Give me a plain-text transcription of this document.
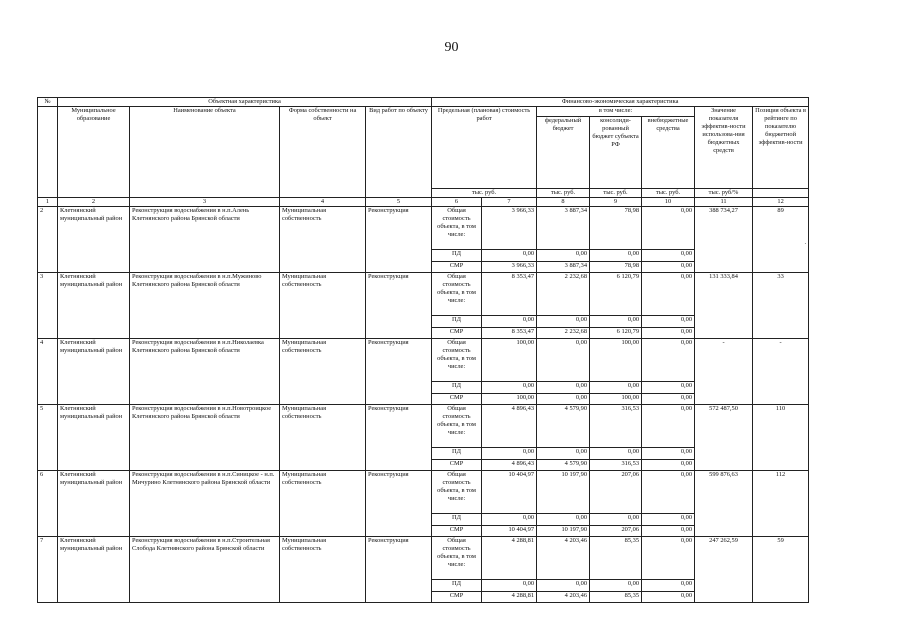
90
№	Объектная характеристика				Финансово-экономическая характеристика						
	Муниципальное образование	Наименование объекта	Форма собственности на объект	Вид работ по объекту	Предельная (плановая) стоимость работ		в том числе:			Значение показателя эффектив-ности использова-ния бюджетных средств	Позиция объекта в рейтинге по показателю бюджетной эффектив-ности
							федеральный бюджет	консолиди-рованный бюджет субъекта РФ	внебюджетные средства		
					тыс. руб.		тыс. руб.	тыс. руб.	тыс. руб.	тыс. руб/%	
1	2	3	4	5	6	7	8	9	10	11	12
2	Клетнянский муниципальный район	Реконструкция водоснабжения в н.п.Алень Клетнянского района Брянской области	Муниципальная собственность	Реконструкция	Общая стоимость объекта, в том числе:	3 966,33	3 887,34	78,98	0,00	388 734,27	89
.

					ПД	0,00	0,00	0,00	0,00		
					СМР	3 966,33	3 887,34	78,98	0,00		
3	Клетнянский муниципальный район	Реконструкция водоснабжения в н.п.Мужиново Клетнянского района Брянской области	Муниципальная собственность	Реконструкция	Общая стоимость объекта, в том числе:	8 353,47	2 232,68	6 120,79	0,00	131 333,84	33

					ПД	0,00	0,00	0,00	0,00		
					СМР	8 353,47	2 232,68	6 120,79	0,00		
4	Клетнянский муниципальный район	Реконструкция водоснабжения в н.п.Николаевка Клетнянского района Брянской области	Муниципальная собственность	Реконструкция	Общая стоимость объекта, в том числе:	100,00	0,00	100,00	0,00	-	-

					ПД	0,00	0,00	0,00	0,00		
					СМР	100,00	0,00	100,00	0,00		
5	Клетнянский муниципальный район	Реконструкция водоснабжения в н.п.Новотроицкое Клетнянского района Брянской области	Муниципальная собственность	Реконструкция	Общая стоимость объекта, в том числе:	4 896,43	4 579,90	316,53	0,00	572 487,50	110

					ПД	0,00	0,00	0,00	0,00		
					СМР	4 896,43	4 579,90	316,53	0,00		
6	Клетнянский муниципальный район	Реконструкция водоснабжения в н.п.Синицкое - н.п. Мичурино Клетнянского района Брянской области	Муниципальная собственность	Реконструкция	Общая стоимость объекта, в том числе:	10 404,97	10 197,90	207,06	0,00	599 876,63	112

					ПД	0,00	0,00	0,00	0,00		
					СМР	10 404,97	10 197,90	207,06	0,00		
7	Клетнянский муниципальный район	Реконструкция водоснабжения в н.п.Строительная Слобода Клетнянского района Брянской области	Муниципальная собственность	Реконструкция	Общая стоимость объекта, в том числе:	4 288,81	4 203,46	85,35	0,00	247 262,59	59

					ПД	0,00	0,00	0,00	0,00		
					СМР	4 288,81	4 203,46	85,35	0,00		
